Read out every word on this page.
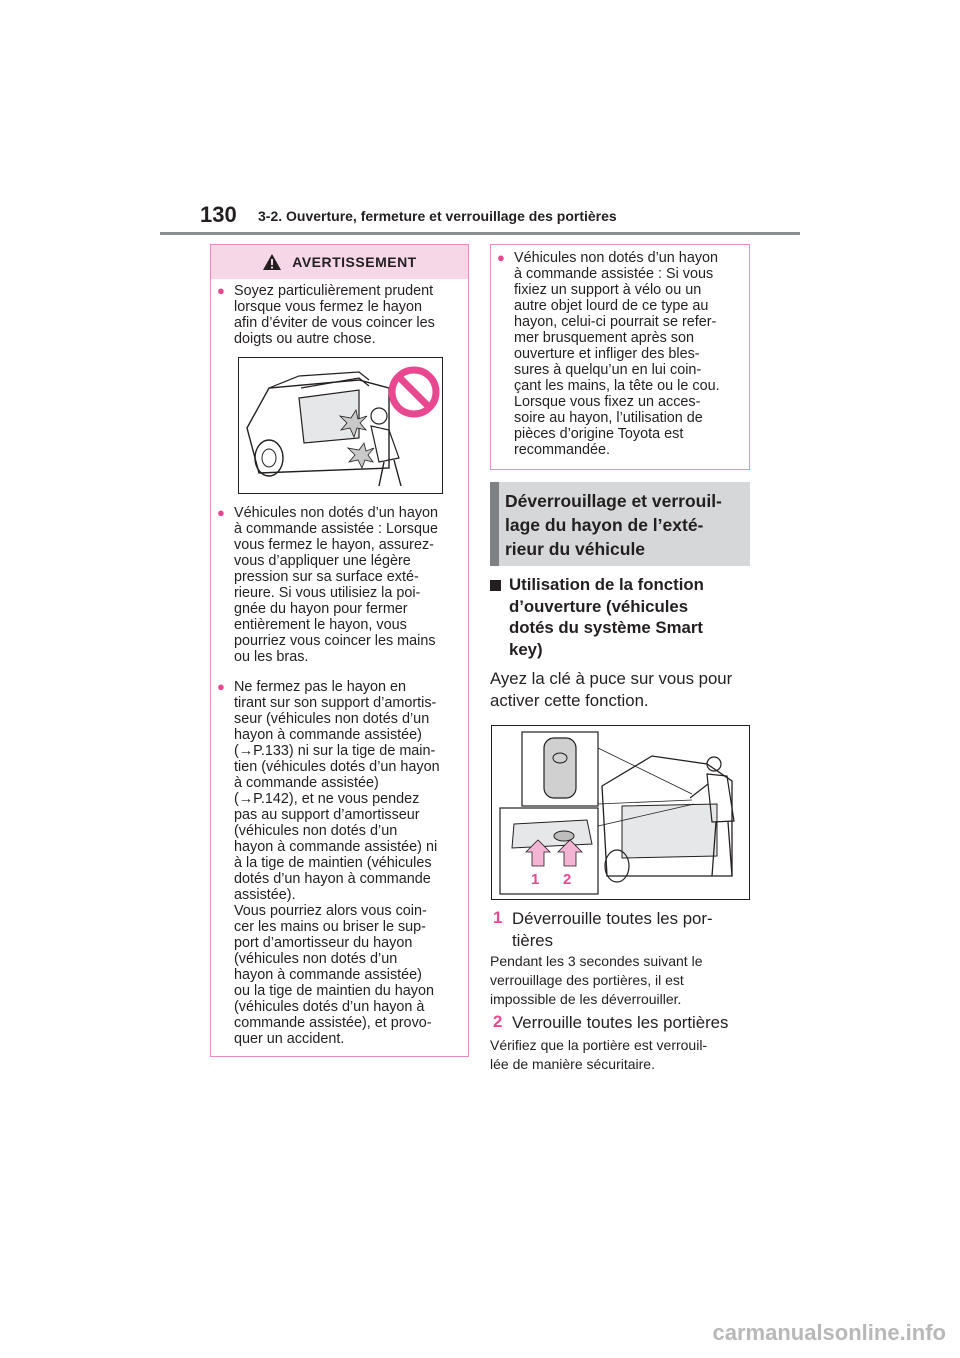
130 3-2. Ouverture, fermeture et verrouillage des portières
AVERTISSEMENT
● Soyez particulièrement prudent
lorsque vous fermez le hayon
afin d’éviter de vous coincer les
doigts ou autre chose.
● Véhicules non dotés d’un hayon
à commande assistée : Lorsque
vous fermez le hayon, assurez-
vous d’appliquer une légère
pression sur sa surface exté-
rieure. Si vous utilisiez la poi-
gnée du hayon pour fermer
entièrement le hayon, vous
pourriez vous coincer les mains
ou les bras.
● Ne fermez pas le hayon en
tirant sur son support d’amortis-
seur (véhicules non dotés d’un
hayon à commande assistée)
(→P.133) ni sur la tige de main-
tien (véhicules dotés d’un hayon
à commande assistée)
(→P.142), et ne vous pendez
pas au support d’amortisseur
(véhicules non dotés d’un
hayon à commande assistée) ni
à la tige de maintien (véhicules
dotés d’un hayon à commande
assistée).
Vous pourriez alors vous coin-
cer les mains ou briser le sup-
port d’amortisseur du hayon
(véhicules non dotés d’un
hayon à commande assistée)
ou la tige de maintien du hayon
(véhicules dotés d’un hayon à
commande assistée), et provo-
quer un accident.
● Véhicules non dotés d’un hayon
à commande assistée : Si vous
fixiez un support à vélo ou un
autre objet lourd de ce type au
hayon, celui-ci pourrait se refer-
mer brusquement après son
ouverture et infliger des bles-
sures à quelqu’un en lui coin-
çant les mains, la tête ou le cou.
Lorsque vous fixez un acces-
soire au hayon, l’utilisation de
pièces d’origine Toyota est
recommandée.
Déverrouillage et verrouil-
lage du hayon de l’exté-
rieur du véhicule
Utilisation de la fonction
d’ouverture (véhicules
dotés du système Smart
key)
Ayez la clé à puce sur vous pour
activer cette fonction.
1 2
1 Déverrouille toutes les por-
tières
Pendant les 3 secondes suivant le
verrouillage des portières, il est
impossible de les déverrouiller.
2 Verrouille toutes les portières
Vérifiez que la portière est verrouil-
lée de manière sécuritaire.
carmanualsonline.info
